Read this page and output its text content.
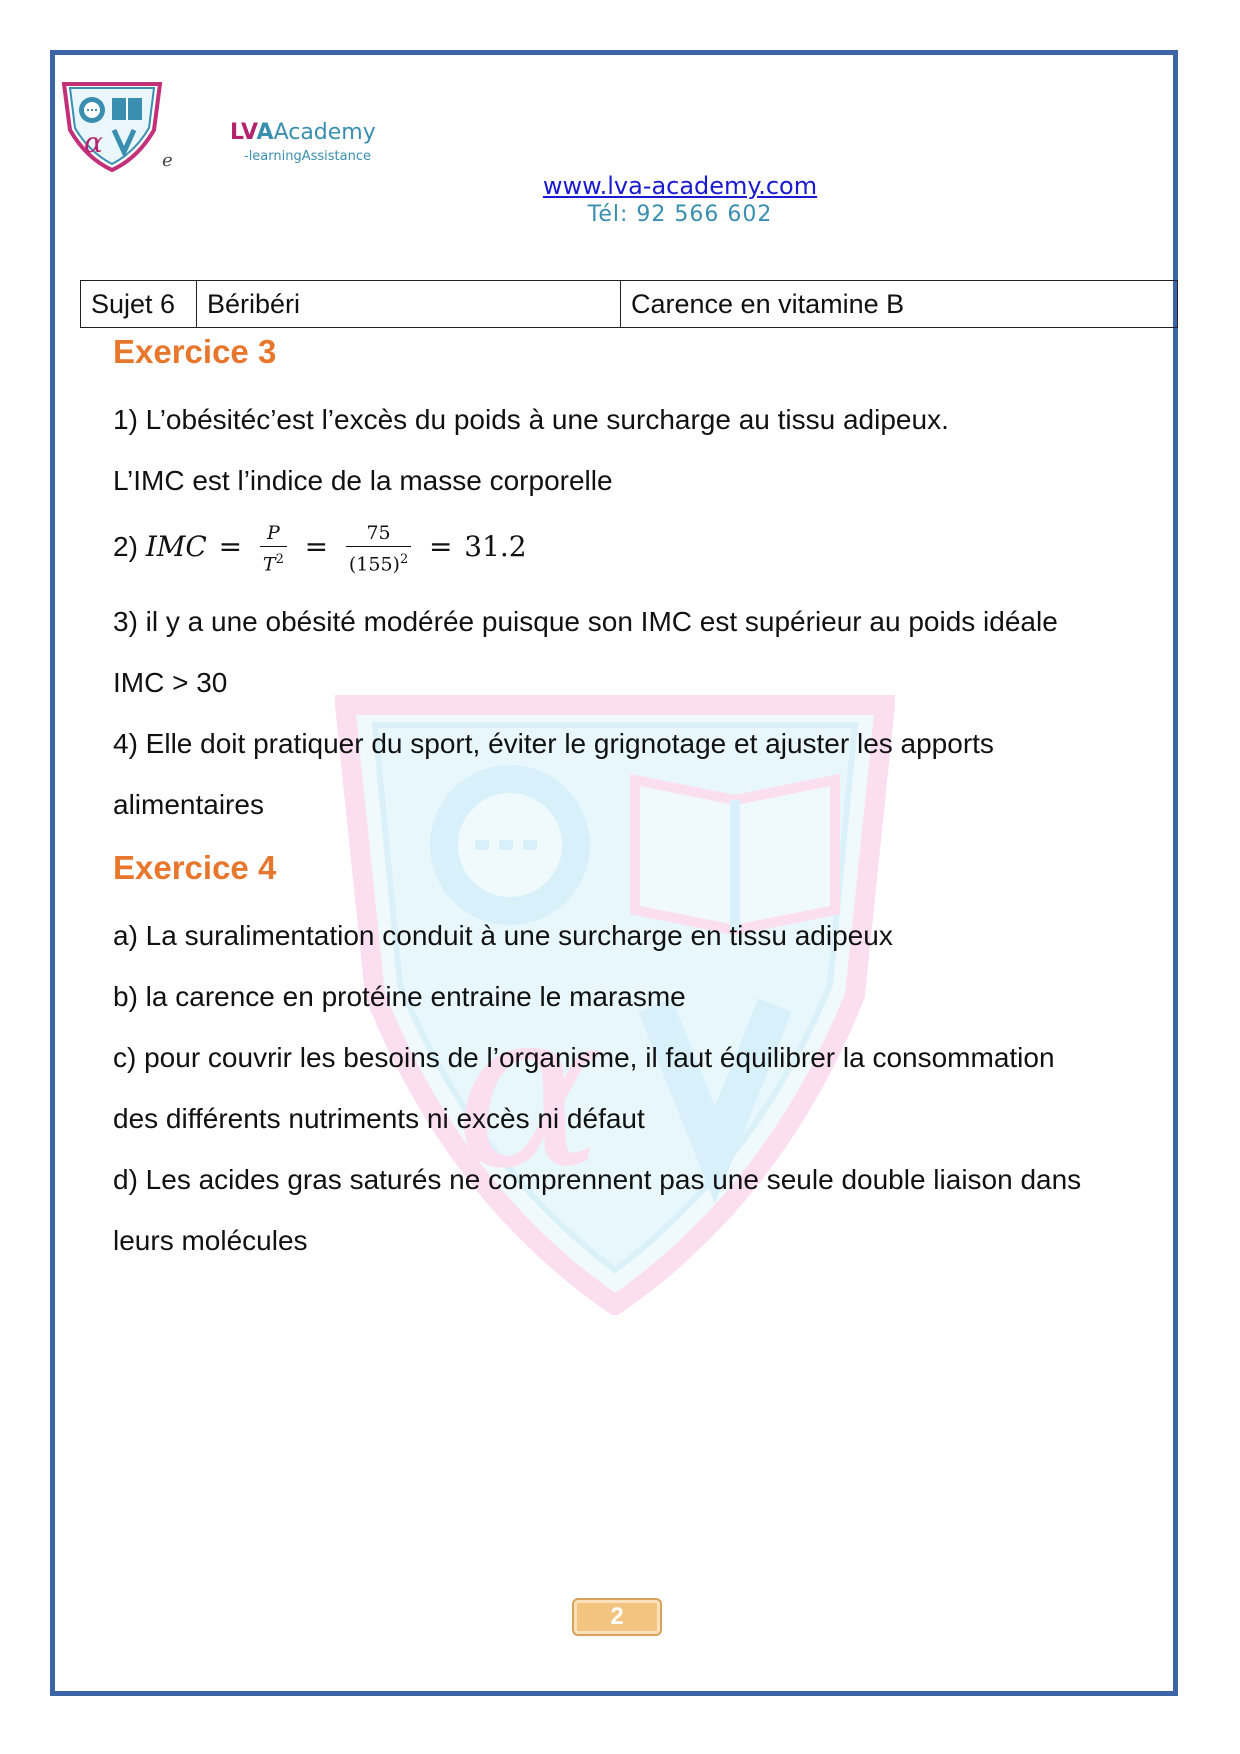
α
e
LVAAcademy
-learningAssistance
www.lva-academy.com
Tél: 92 566 602
Sujet 6	Béribéri	Carence en vitamine B
α
Exercice 3
1) L’obésitéc’est l’excès du poids à une surcharge au tissu adipeux.
L’IMC est l’indice de la masse corporelle
2) IMC = $\frac{P}{T^2} = \frac{75}{(155)^2} = 31.2$
3) il y a une obésité modérée puisque son IMC est supérieur au poids idéale
IMC > 30
4) Elle doit pratiquer du sport, éviter le grignotage et ajuster les apports
alimentaires
Exercice 4
a) La suralimentation conduit à une surcharge en tissu adipeux
b) la carence en protéine entraine le marasme
c) pour couvrir les besoins de l’organisme, il faut équilibrer la consommation
des différents nutriments ni excès ni défaut
d) Les acides gras saturés ne comprennent pas une seule double liaison dans
leurs molécules
2
